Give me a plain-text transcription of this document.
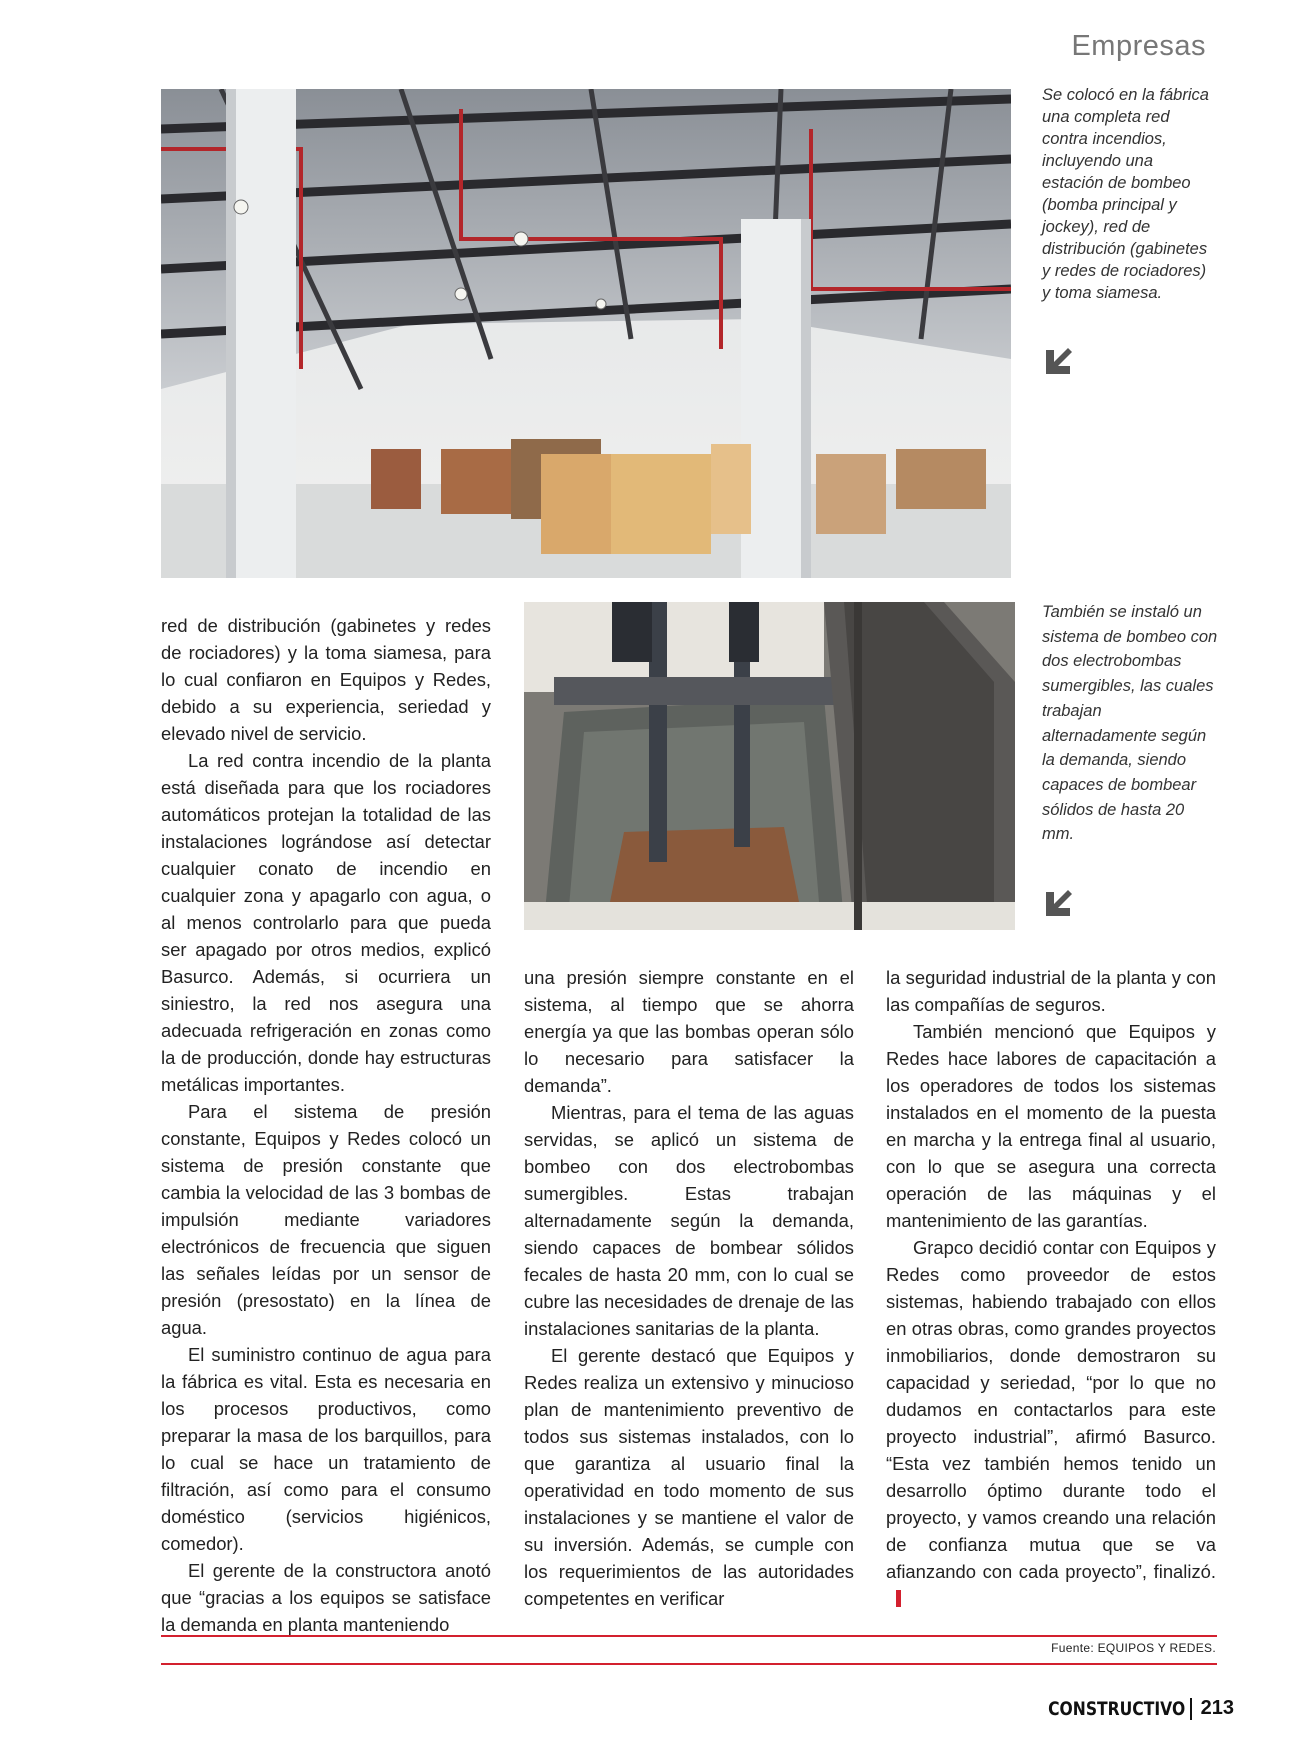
Empresas
Se colocó en la fábrica una completa red contra incendios, incluyendo una estación de bombeo (bomba principal y jockey), red de distribución (gabinetes y redes de rociadores) y toma siamesa.
También se instaló un sistema de bombeo con dos electrobombas sumergibles, las cuales trabajan alternadamente según la demanda, siendo capaces de bombear sólidos de hasta 20 mm.

red de distribución (gabinetes y redes de rociadores) y la toma siamesa, para lo cual confiaron en Equipos y Redes, debido a su experiencia, seriedad y elevado nivel de servicio.

La red contra incendio de la planta está diseñada para que los rociadores automáticos protejan la totalidad de las instalaciones lográndose así detectar cualquier conato de incendio en cualquier zona y apagarlo con agua, o al menos controlarlo para que pueda ser apagado por otros medios, explicó Basurco. Además, si ocurriera un siniestro, la red nos asegura una adecuada refrigeración en zonas como la de producción, donde hay estructuras metálicas importantes.

Para el sistema de presión constante, Equipos y Redes colocó un sistema de presión constante que cambia la velocidad de las 3 bombas de impulsión mediante variadores electrónicos de frecuencia que siguen las señales leídas por un sensor de presión (presostato) en la línea de agua.

El suministro continuo de agua para la fábrica es vital. Esta es necesaria en los procesos productivos, como preparar la masa de los barquillos, para lo cual se hace un tratamiento de filtración, así como para el consumo doméstico (servicios higiénicos, comedor).

El gerente de la constructora anotó que “gracias a los equipos se satisface la demanda en planta manteniendo

una presión siempre constante en el sistema, al tiempo que se ahorra energía ya que las bombas operan sólo lo necesario para satisfacer la demanda”.

Mientras, para el tema de las aguas servidas, se aplicó un sistema de bombeo con dos electrobombas sumergibles. Estas trabajan alternadamente según la demanda, siendo capaces de bombear sólidos fecales de hasta 20 mm, con lo cual se cubre las necesidades de drenaje de las instalaciones sanitarias de la planta.

El gerente destacó que Equipos y Redes realiza un extensivo y minucioso plan de mantenimiento preventivo de todos sus sistemas instalados, con lo que garantiza al usuario final la operatividad en todo momento de sus instalaciones y se mantiene el valor de su inversión. Además, se cumple con los requerimientos de las autoridades competentes en verificar

la seguridad industrial de la planta y con las compañías de seguros.

También mencionó que Equipos y Redes hace labores de capacitación a los operadores de todos los sistemas instalados en el momento de la puesta en marcha y la entrega final al usuario, con lo que se asegura una correcta operación de las máquinas y el mantenimiento de las garantías.

Grapco decidió contar con Equipos y Redes como proveedor de estos sistemas, habiendo trabajado con ellos en otras obras, como grandes proyectos inmobiliarios, donde demostraron su capacidad y seriedad, “por lo que no dudamos en contactarlos para este proyecto industrial”, afirmó Basurco. “Esta vez también hemos tenido un desarrollo óptimo durante todo el proyecto, y vamos creando una relación de confianza mutua que se va afianzando con cada proyecto”, finalizó.

Fuente: EQUIPOS Y REDES.
CONSTRUCTIVO 213
